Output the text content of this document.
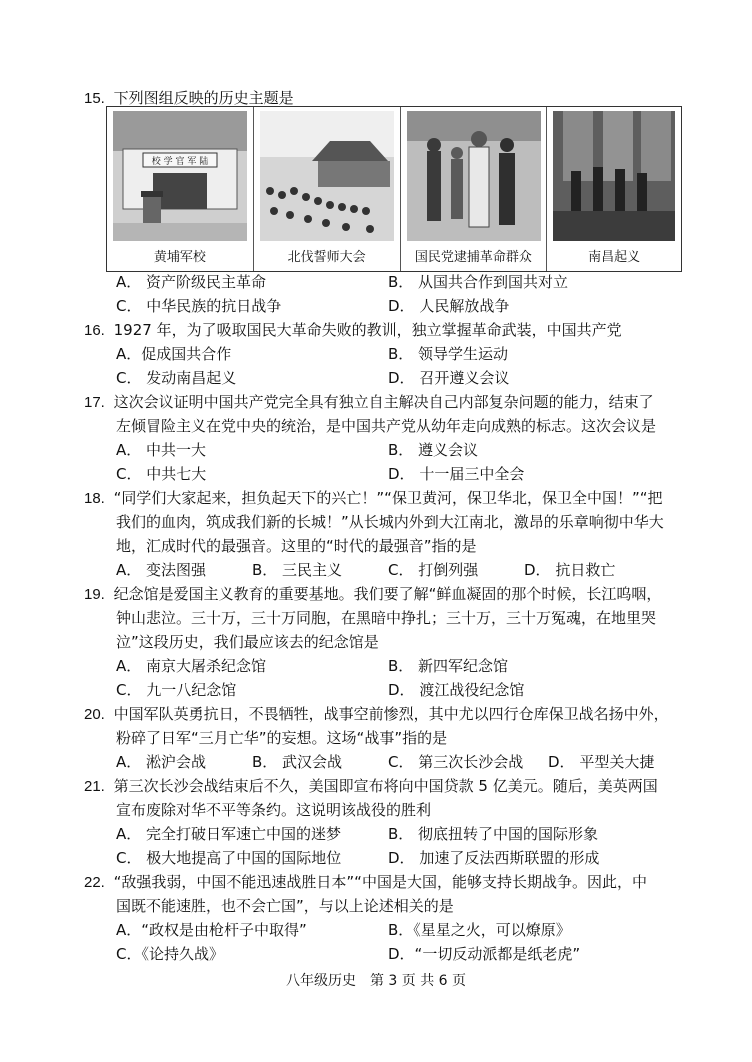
15. 下列图组反映的历史主题是
校 学 官 军 陆
黄埔军校	北伐誓师大会	国民党逮捕革命群众	南昌起义
A． 资产阶级民主革命	B． 从国共合作到国共对立
C． 中华民族的抗日战争	D． 人民解放战争
16. 1927 年，为了吸取国民大革命失败的教训，独立掌握革命武装，中国共产党
A．促成国共合作	B． 领导学生运动
C． 发动南昌起义	D． 召开遵义会议
17. 这次会议证明中国共产党完全具有独立自主解决自己内部复杂问题的能力，结束了
左倾冒险主义在党中央的统治，是中国共产党从幼年走向成熟的标志。这次会议是
A． 中共一大	B． 遵义会议
C． 中共七大	D． 十一届三中全会
18. “同学们大家起来，担负起天下的兴亡！”“保卫黄河，保卫华北，保卫全中国！”“把
我们的血肉，筑成我们新的长城！”从长城内外到大江南北，激昂的乐章响彻中华大
地，汇成时代的最强音。这里的“时代的最强音”指的是
A． 变法图强	B． 三民主义	C． 打倒列强	D． 抗日救亡
19. 纪念馆是爱国主义教育的重要基地。我们要了解“鲜血凝固的那个时候，长江呜咽，
钟山悲泣。三十万，三十万同胞，在黑暗中挣扎；三十万，三十万冤魂，在地里哭
泣”这段历史，我们最应该去的纪念馆是
A． 南京大屠杀纪念馆	B． 新四军纪念馆
C． 九一八纪念馆	D． 渡江战役纪念馆
20. 中国军队英勇抗日，不畏牺牲，战事空前惨烈，其中尤以四行仓库保卫战名扬中外，
粉碎了日军“三月亡华”的妄想。这场“战事”指的是
A． 淞沪会战	B． 武汉会战	C． 第三次长沙会战 D． 平型关大捷
21. 第三次长沙会战结束后不久，美国即宣布将向中国贷款 5 亿美元。随后，美英两国
宣布废除对华不平等条约。这说明该战役的胜利
A． 完全打破日军速亡中国的迷梦	B． 彻底扭转了中国的国际形象
C． 极大地提高了中国的国际地位	D． 加速了反法西斯联盟的形成
22. “敌强我弱，中国不能迅速战胜日本”“中国是大国，能够支持长期战争。因此，中
国既不能速胜，也不会亡国”，与以上论述相关的是
A．“政权是由枪杆子中取得”	B．《星星之火，可以燎原》
C．《论持久战》	D．“一切反动派都是纸老虎”
八年级历史　第 3 页 共 6 页
